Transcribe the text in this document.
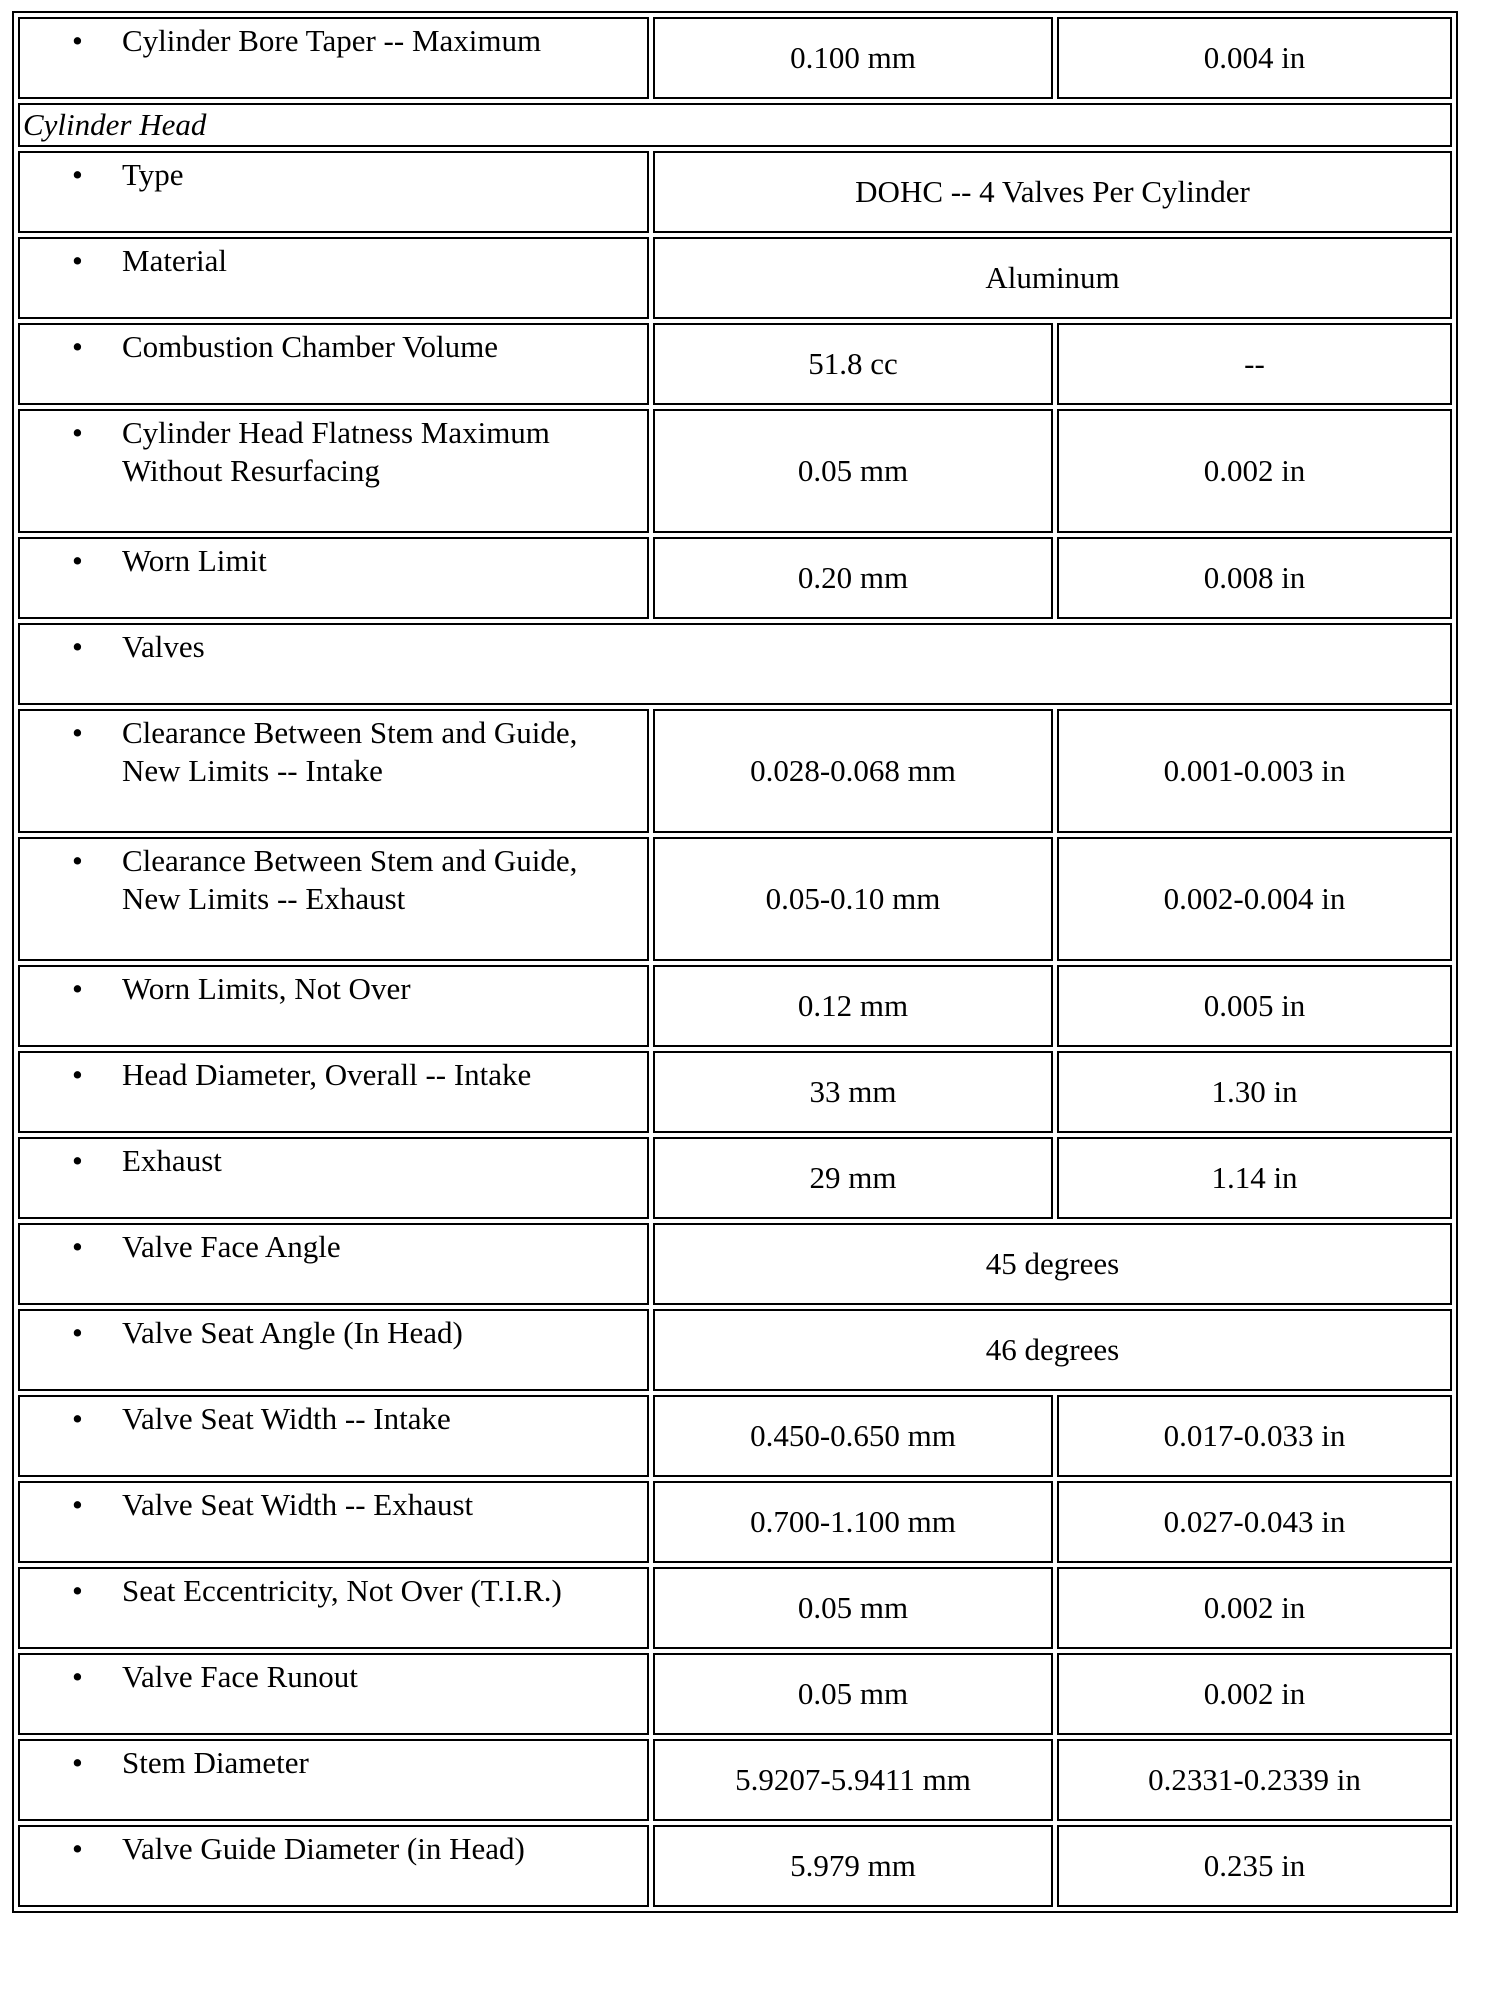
• Cylinder Bore Taper -- Maximum	0.100 mm	0.004 in
Cylinder Head		

• Type	DOHC -- 4 Valves Per Cylinder	

• Material	Aluminum	

• Combustion Chamber Volume	51.8 cc	--

• Cylinder Head Flatness Maximum Without Resurfacing	0.05 mm	0.002 in

• Worn Limit	0.20 mm	0.008 in

• Valves		

• Clearance Between Stem and Guide, New Limits -- Intake	0.028-0.068 mm	0.001-0.003 in

• Clearance Between Stem and Guide, New Limits -- Exhaust	0.05-0.10 mm	0.002-0.004 in

• Worn Limits, Not Over	0.12 mm	0.005 in

• Head Diameter, Overall -- Intake	33 mm	1.30 in

• Exhaust	29 mm	1.14 in

• Valve Face Angle	45 degrees	

• Valve Seat Angle (In Head)	46 degrees	

• Valve Seat Width -- Intake	0.450-0.650 mm	0.017-0.033 in

• Valve Seat Width -- Exhaust	0.700-1.100 mm	0.027-0.043 in

• Seat Eccentricity, Not Over (T.I.R.)	0.05 mm	0.002 in

• Valve Face Runout	0.05 mm	0.002 in

• Stem Diameter	5.9207-5.9411 mm	0.2331-0.2339 in

• Valve Guide Diameter (in Head)	5.979 mm	0.235 in
